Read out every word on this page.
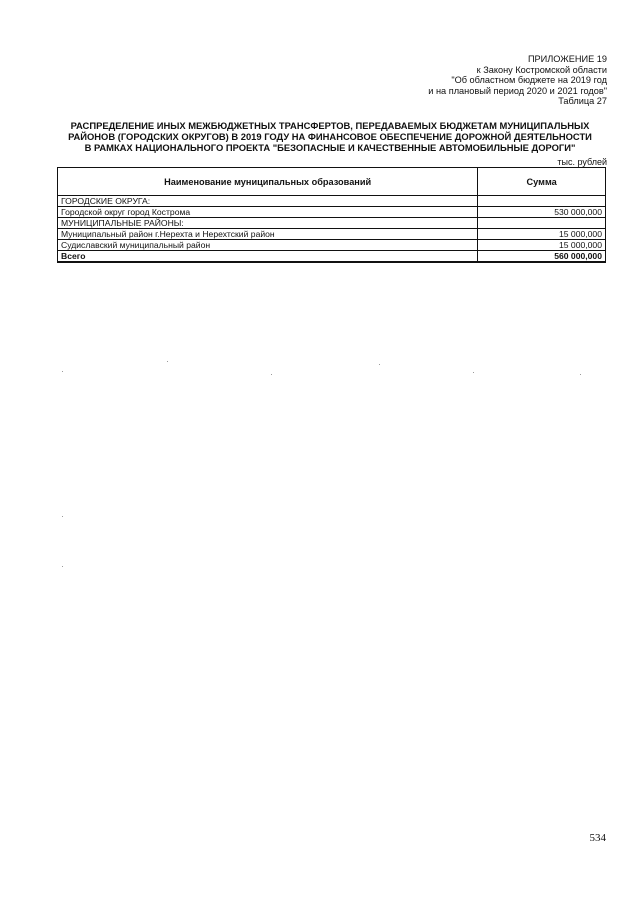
ПРИЛОЖЕНИЕ 19
к Закону Костромской области
"Об областном бюджете на 2019 год
и на плановый период 2020 и 2021 годов"
Таблица 27
РАСПРЕДЕЛЕНИЕ ИНЫХ МЕЖБЮДЖЕТНЫХ ТРАНСФЕРТОВ, ПЕРЕДАВАЕМЫХ БЮДЖЕТАМ МУНИЦИПАЛЬНЫХ
РАЙОНОВ (ГОРОДСКИХ ОКРУГОВ) В 2019 ГОДУ НА ФИНАНСОВОЕ ОБЕСПЕЧЕНИЕ ДОРОЖНОЙ ДЕЯТЕЛЬНОСТИ
В РАМКАХ НАЦИОНАЛЬНОГО ПРОЕКТА "БЕЗОПАСНЫЕ И КАЧЕСТВЕННЫЕ АВТОМОБИЛЬНЫЕ ДОРОГИ"
тыс. рублей
Наименование муниципальных образований	Сумма
ГОРОДСКИЕ ОКРУГА:	
Городской округ город Кострома	530 000,000
МУНИЦИПАЛЬНЫЕ РАЙОНЫ:	
Муниципальный район г.Нерехта и Нерехтский район	15 000,000
Судиславский муниципальный район	15 000,000
Всего	560 000,000
534
